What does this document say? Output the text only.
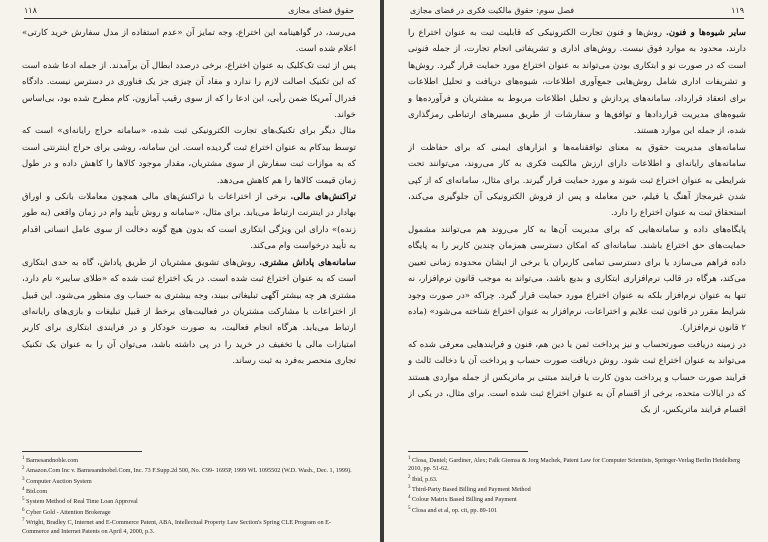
۱۱۸	حقوق فضای مجازی

می‌رسد، در گواهینامه این اختراع، وجه تمایز آن «عدم استفاده از مدل سفارش خرید کارتی» اعلام شده است.

پس از ثبت تک‌کلیک به عنوان اختراع، برخی درصدد ابطال آن برآمدند. از جمله ادعا شده است که این تکنیک اصالت لازم را ندارد و مفاد آن چیزی جز یک فناوری در دسترس نیست. دادگاه فدرال آمریکا ضمن رأیی، این ادعا را که از سوی رقیب آمازون، کام مطرح شده بود، بی‌اساس خواند.

مثال دیگر برای تکنیک‌های تجارت الکترونیکی ثبت شده، «سامانه حراج رایانه‌ای» است که توسط بیدکام به عنوان اختراع ثبت گردیده است. این سامانه، روشی برای حراج اینترنتی است که به موازات ثبت سفارش از سوی مشتریان، مقدار موجود کالاها را کاهش داده و در طول زمان قیمت کالاها را هم کاهش می‌دهد.

تراکنش‌های مالی. برخی از اختراعات با تراکنش‌های مالی همچون معاملات بانکی و اوراق بهادار در اینترنت ارتباط می‌یابد. برای مثال، «سامانه و روش تأیید وام در زمان واقعی (به طور زنده)» دارای این ویژگی ابتکاری است که بدون هیچ گونه دخالت از سوی عامل انسانی اقدام به تأیید درخواست وام می‌کند.

سامانه‌های پاداش مشتری. روش‌های تشویق مشتریان از طریق پاداش، گاه به حدی ابتکاری است که به عنوان اختراع ثبت شده است. در یک اختراع ثبت شده که «طلای سایبر» نام دارد، مشتری هر چه بیشتر آگهی تبلیغاتی ببیند، وجه بیشتری به حساب وی منظور می‌شود. این قبیل از اختراعات با مشارکت مشتریان در فعالیت‌های برخط از قبیل تبلیغات و بازی‌های رایانه‌ای ارتباط می‌یابد. هرگاه انجام فعالیت، به صورت خودکار و در فرایندی ابتکاری برای کاربر امتیازات مالی یا تخفیف در خرید را در پی داشته باشد، می‌توان آن را به عنوان یک تکنیک تجاری منحصر به‌فرد به ثبت رساند.

$^1$ Barnesandnoble.com

$^2$ Amazon.Com Inc v. Barnesandnobel.Com, Inc. 73 F.Supp.2d 500, No. C99- 1695P, 1999 WL 1095502 (W.D. Wash., Dec. 1, 1999).

$^3$ Computer Auction System

$^4$ Bid.com

$^5$ System Method of Real Time Loan Approval

$^6$ Cyber Gold - Attention Brokerage

$^7$ Wright, Bradley C, Internet and E-Commerce Patent, ABA, Intellectual Property Law Section's Spring CLE Program on E-Commerce and Internet Patents on April 4, 2000, p.3.

فصل سوم: حقوق مالکیت فکری در فضای مجازی	۱۱۹

سایر شیوه‌ها و فنون. روش‌ها و فنون تجارت الکترونیکی که قابلیت ثبت به عنوان اختراع را دارند، محدود به موارد فوق نیست. روش‌های اداری و تشریفاتی انجام تجارت، از جمله فنونی است که در صورت نو و ابتکاری بودن می‌تواند به عنوان اختراع مورد حمایت قرار گیرد. روش‌ها و تشریفات اداری شامل روش‌هایی جمع‌آوری اطلاعات، شیوه‌های دریافت و تحلیل اطلاعات برای انعقاد قرارداد، سامانه‌های پردازش و تحلیل اطلاعات مربوط به مشتریان و فرآورده‌ها و شیوه‌های مدیریت قراردادها و توافق‌ها و سفارشات از طریق مسیرهای ارتباطی رمزگذاری شده، از جمله این موارد هستند.

سامانه‌های مدیریت حقوق به معنای توافقنامه‌ها و ابزارهای ایمنی که برای حفاظت از سامانه‌های رایانه‌ای و اطلاعات دارای ارزش مالکیت فکری به کار می‌روند، می‌توانند تحت شرایطی به عنوان اختراع ثبت شوند و مورد حمایت قرار گیرند. برای مثال، سامانه‌ای که از کپی شدن غیرمجاز آهنگ یا فیلم، حین معامله و پس از فروش الکترونیکی آن جلوگیری می‌کند، استحقاق ثبت به عنوان اختراع را دارد.

پایگاه‌های داده و سامانه‌هایی که برای مدیریت آن‌ها به کار می‌روند هم می‌توانند مشمول حمایت‌های حق اختراع باشند. سامانه‌ای که امکان دسترسی همزمان چندین کاربر را به پایگاه داده فراهم می‌سازد یا برای دسترسی تمامی کاربران یا برخی از ایشان محدوده زمانی تعیین می‌کند، هرگاه در قالب نرم‌افزاری ابتکاری و بدیع باشد، می‌تواند به موجب قانون نرم‌افزار، نه تنها به عنوان نرم‌افزار بلکه به عنوان اختراع مورد حمایت قرار گیرد. چراکه «در صورت وجود شرایط مقرر در قانون ثبت علایم و اختراعات، نرم‌افزار به عنوان اختراع شناخته می‌شود» (ماده ۲ قانون نرم‌افزار).

در زمینه دریافت صورتحساب و نیز پرداخت ثمن یا دین هم، فنون و فرایندهایی معرفی شده که می‌تواند به عنوان اختراع ثبت شود. روش دریافت صورت حساب و پرداخت آن با دخالت ثالث و فرایند صورت حساب و پرداخت بدون کارت یا فرایند مبتنی بر ماتریکس از جمله مواردی هستند که در ایالات متحده، برخی از اقسام آن به عنوان اختراع ثبت شده است. برای مثال، در یکی از اقسام فرایند ماتریکس، از یک

$^1$ Closa, Daniel; Gardiner, Alex; Falk Giemsa & Jorg Machek, Patent Law for Computer Scientists, Springer-Verlag Berlin Heidelberg 2010, pp. 51-62.

$^2$ Ibid, p.63.

$^3$ Third-Party Based Billing and Payment Method

$^4$ Colour Matrix Based Billing and Payment

$^5$ Closa and et al, op. cit, pp. 89-101
